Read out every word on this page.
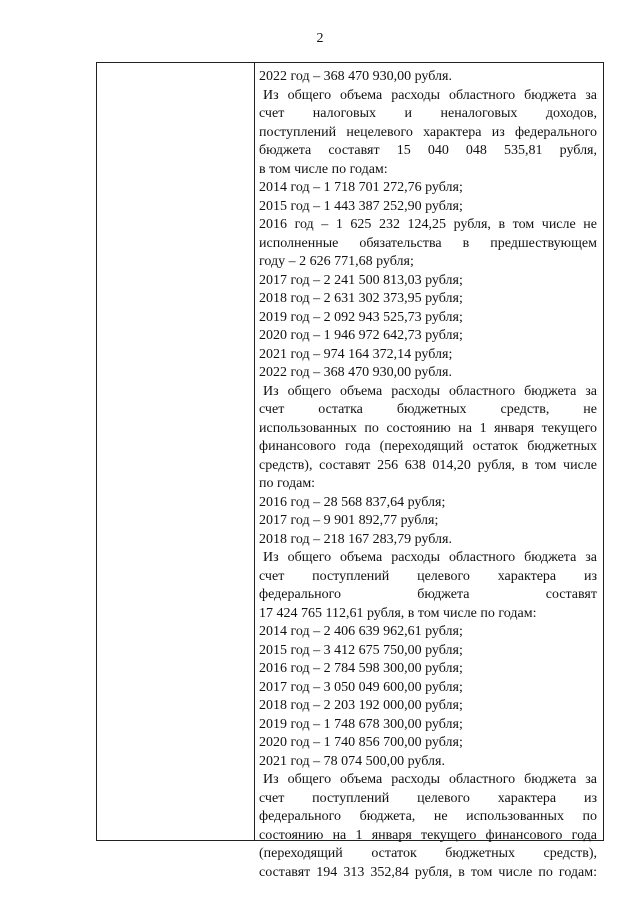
2
2022 год – 368 470 930,00 рубля.
Из общего объема расходы областного бюджета за
счет налоговых и неналоговых доходов,
поступлений нецелевого характера из федерального
бюджета составят 15 040 048 535,81 рубля,
в том числе по годам:
2014 год – 1 718 701 272,76 рубля;
2015 год – 1 443 387 252,90 рубля;
2016 год – 1 625 232 124,25 рубля, в том числе не
исполненные обязательства в предшествующем
году – 2 626 771,68 рубля;
2017 год – 2 241 500 813,03 рубля;
2018 год – 2 631 302 373,95 рубля;
2019 год – 2 092 943 525,73 рубля;
2020 год – 1 946 972 642,73 рубля;
2021 год – 974 164 372,14 рубля;
2022 год – 368 470 930,00 рубля.
Из общего объема расходы областного бюджета за
счет остатка бюджетных средств, не
использованных по состоянию на 1 января текущего
финансового года (переходящий остаток бюджетных
средств), составят 256 638 014,20 рубля, в том числе
по годам:
2016 год – 28 568 837,64 рубля;
2017 год – 9 901 892,77 рубля;
2018 год – 218 167 283,79 рубля.
Из общего объема расходы областного бюджета за
счет поступлений целевого характера из
федерального бюджета составят
17 424 765 112,61 рубля, в том числе по годам:
2014 год – 2 406 639 962,61 рубля;
2015 год – 3 412 675 750,00 рубля;
2016 год – 2 784 598 300,00 рубля;
2017 год – 3 050 049 600,00 рубля;
2018 год – 2 203 192 000,00 рубля;
2019 год – 1 748 678 300,00 рубля;
2020 год – 1 740 856 700,00 рубля;
2021 год – 78 074 500,00 рубля.
Из общего объема расходы областного бюджета за
счет поступлений целевого характера из
федерального бюджета, не использованных по
состоянию на 1 января текущего финансового года
(переходящий остаток бюджетных средств),
составят 194 313 352,84 рубля, в том числе по годам:
